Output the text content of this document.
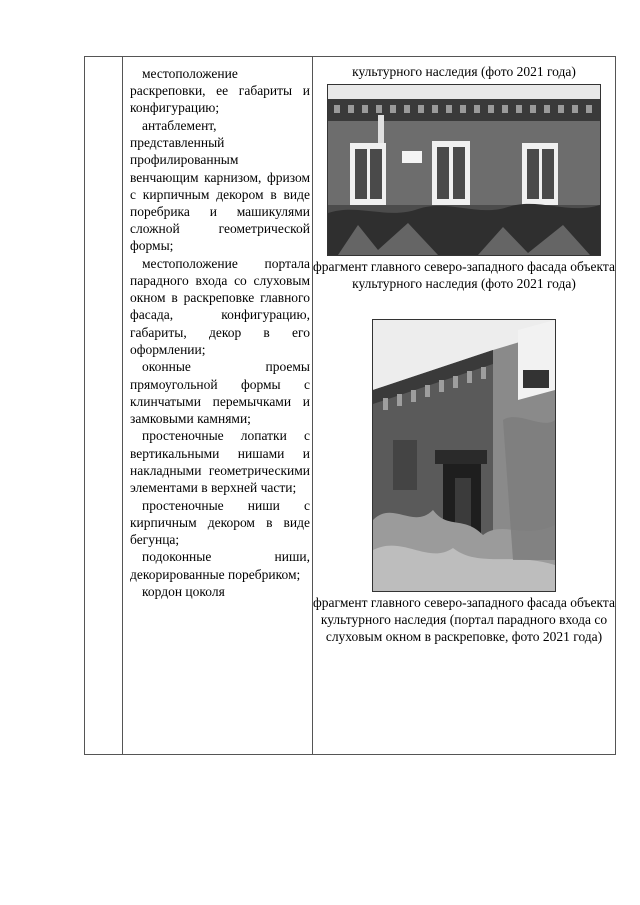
местоположение раскреповки, ее габариты и конфигурацию;

антаблемент, представленный профилированным венчающим карнизом, фризом с кирпичным декором в виде поребрика и машикулями сложной геометрической формы;

местоположение портала парадного входа со слуховым окном в раскреповке главного фасада, конфигурацию, габариты, декор в его оформлении;

оконные проемы прямоугольной формы с клинчатыми перемычками и замковыми камнями;

простеночные лопатки с вертикальными нишами и накладными геометрическими элементами в верхней части;

простеночные ниши с кирпичным декором в виде бегунца;

подоконные ниши, декорированные поребриком;

кордон цоколя

культурного наследия (фото 2021 года)
фрагмент главного северо-западного фасада объекта культурного наследия (фото 2021 года)
фрагмент главного северо-западного фасада объекта культурного наследия (портал парадного входа со слуховым окном в раскреповке, фото 2021 года)
